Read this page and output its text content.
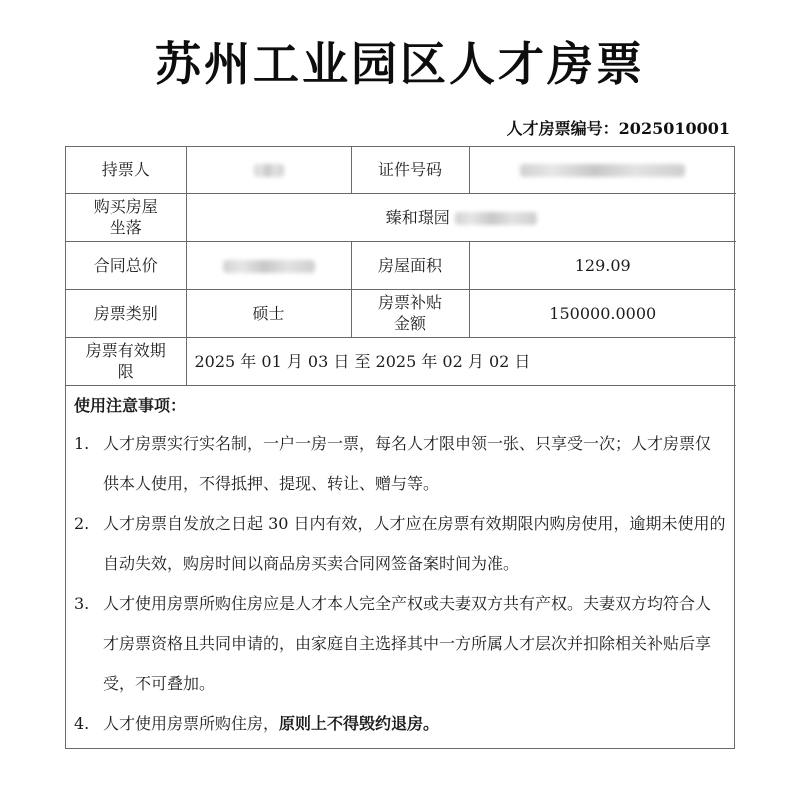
苏州工业园区人才房票
人才房票编号：2025010001
持票人		证件号码	

购买房屋坐落	臻和璟园		
合同总价		房屋面积	129.09
房票类别	硕士	房票补贴金额	150000.0000

房票有效期限	2025 年 01 月 03 日 至 2025 年 02 月 02 日		
使用注意事项：
1. 人才房票实行实名制，一户一房一票，每名人才限申领一张、只享受一次；人才房票仅供本人使用，不得抵押、提现、转让、赠与等。
2. 人才房票自发放之日起 30 日内有效，人才应在房票有效期限内购房使用，逾期未使用的自动失效，购房时间以商品房买卖合同网签备案时间为准。
3. 人才使用房票所购住房应是人才本人完全产权或夫妻双方共有产权。夫妻双方均符合人才房票资格且共同申请的，由家庭自主选择其中一方所属人才层次并扣除相关补贴后享受，不可叠加。
4. 人才使用房票所购住房，原则上不得毁约退房。
